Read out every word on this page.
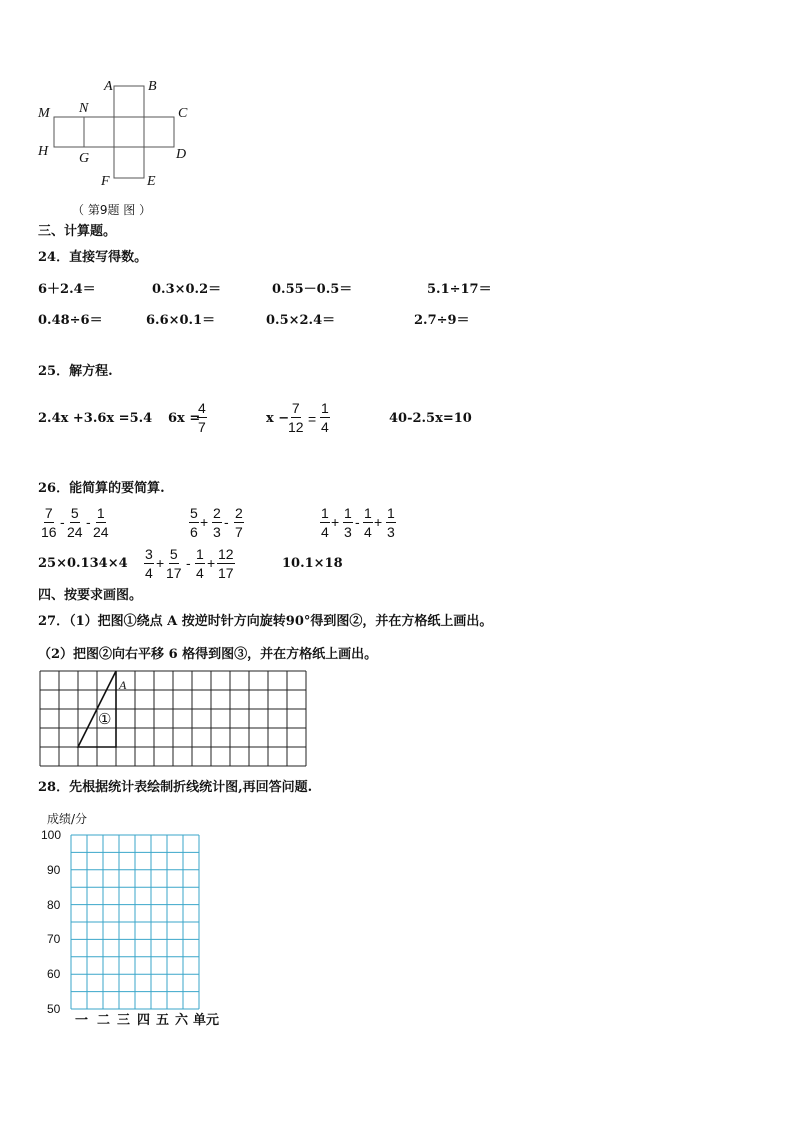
A	B
M N	C
H G	D
F	E
（ 第9题 图 ）
三、计算题。
24．直接写得数。
6＋2.4＝	0.3×0.2＝	0.55－0.5＝	5.1÷17＝
0.48÷6＝	6.6×0.1＝	0.5×2.4＝	2.7÷9＝
25．解方程.
2.4x +3.6x =5.4 6x =
$\frac{4}{7}$	x −
$\frac{7}{12} = \frac{1}{4}$	40-2.5x=10
26．能简算的要简算.
$\frac{7}{16} - \frac{5}{24} - \frac{1}{24}$	$\frac{5}{6} + \frac{2}{3} - \frac{2}{7}$	$\frac{1}{4} + \frac{1}{3} - \frac{1}{4} + \frac{1}{3}$
$25\times 0.134\times 4 \frac{3}{4} + \frac{5}{17} - \frac{1}{4} + \frac{12}{17}$	10.1×18
四、按要求画图。
27．（1）把图①绕点 A 按逆时针方向旋转90°得到图②，并在方格纸上画出。
（2）把图②向右平移 6 格得到图③，并在方格纸上画出。
A
①
28．先根据统计表绘制折线统计图,再回答问题.
成绩/分
100
90
80
70
60
50
一 二 三 四 五 六 单元
